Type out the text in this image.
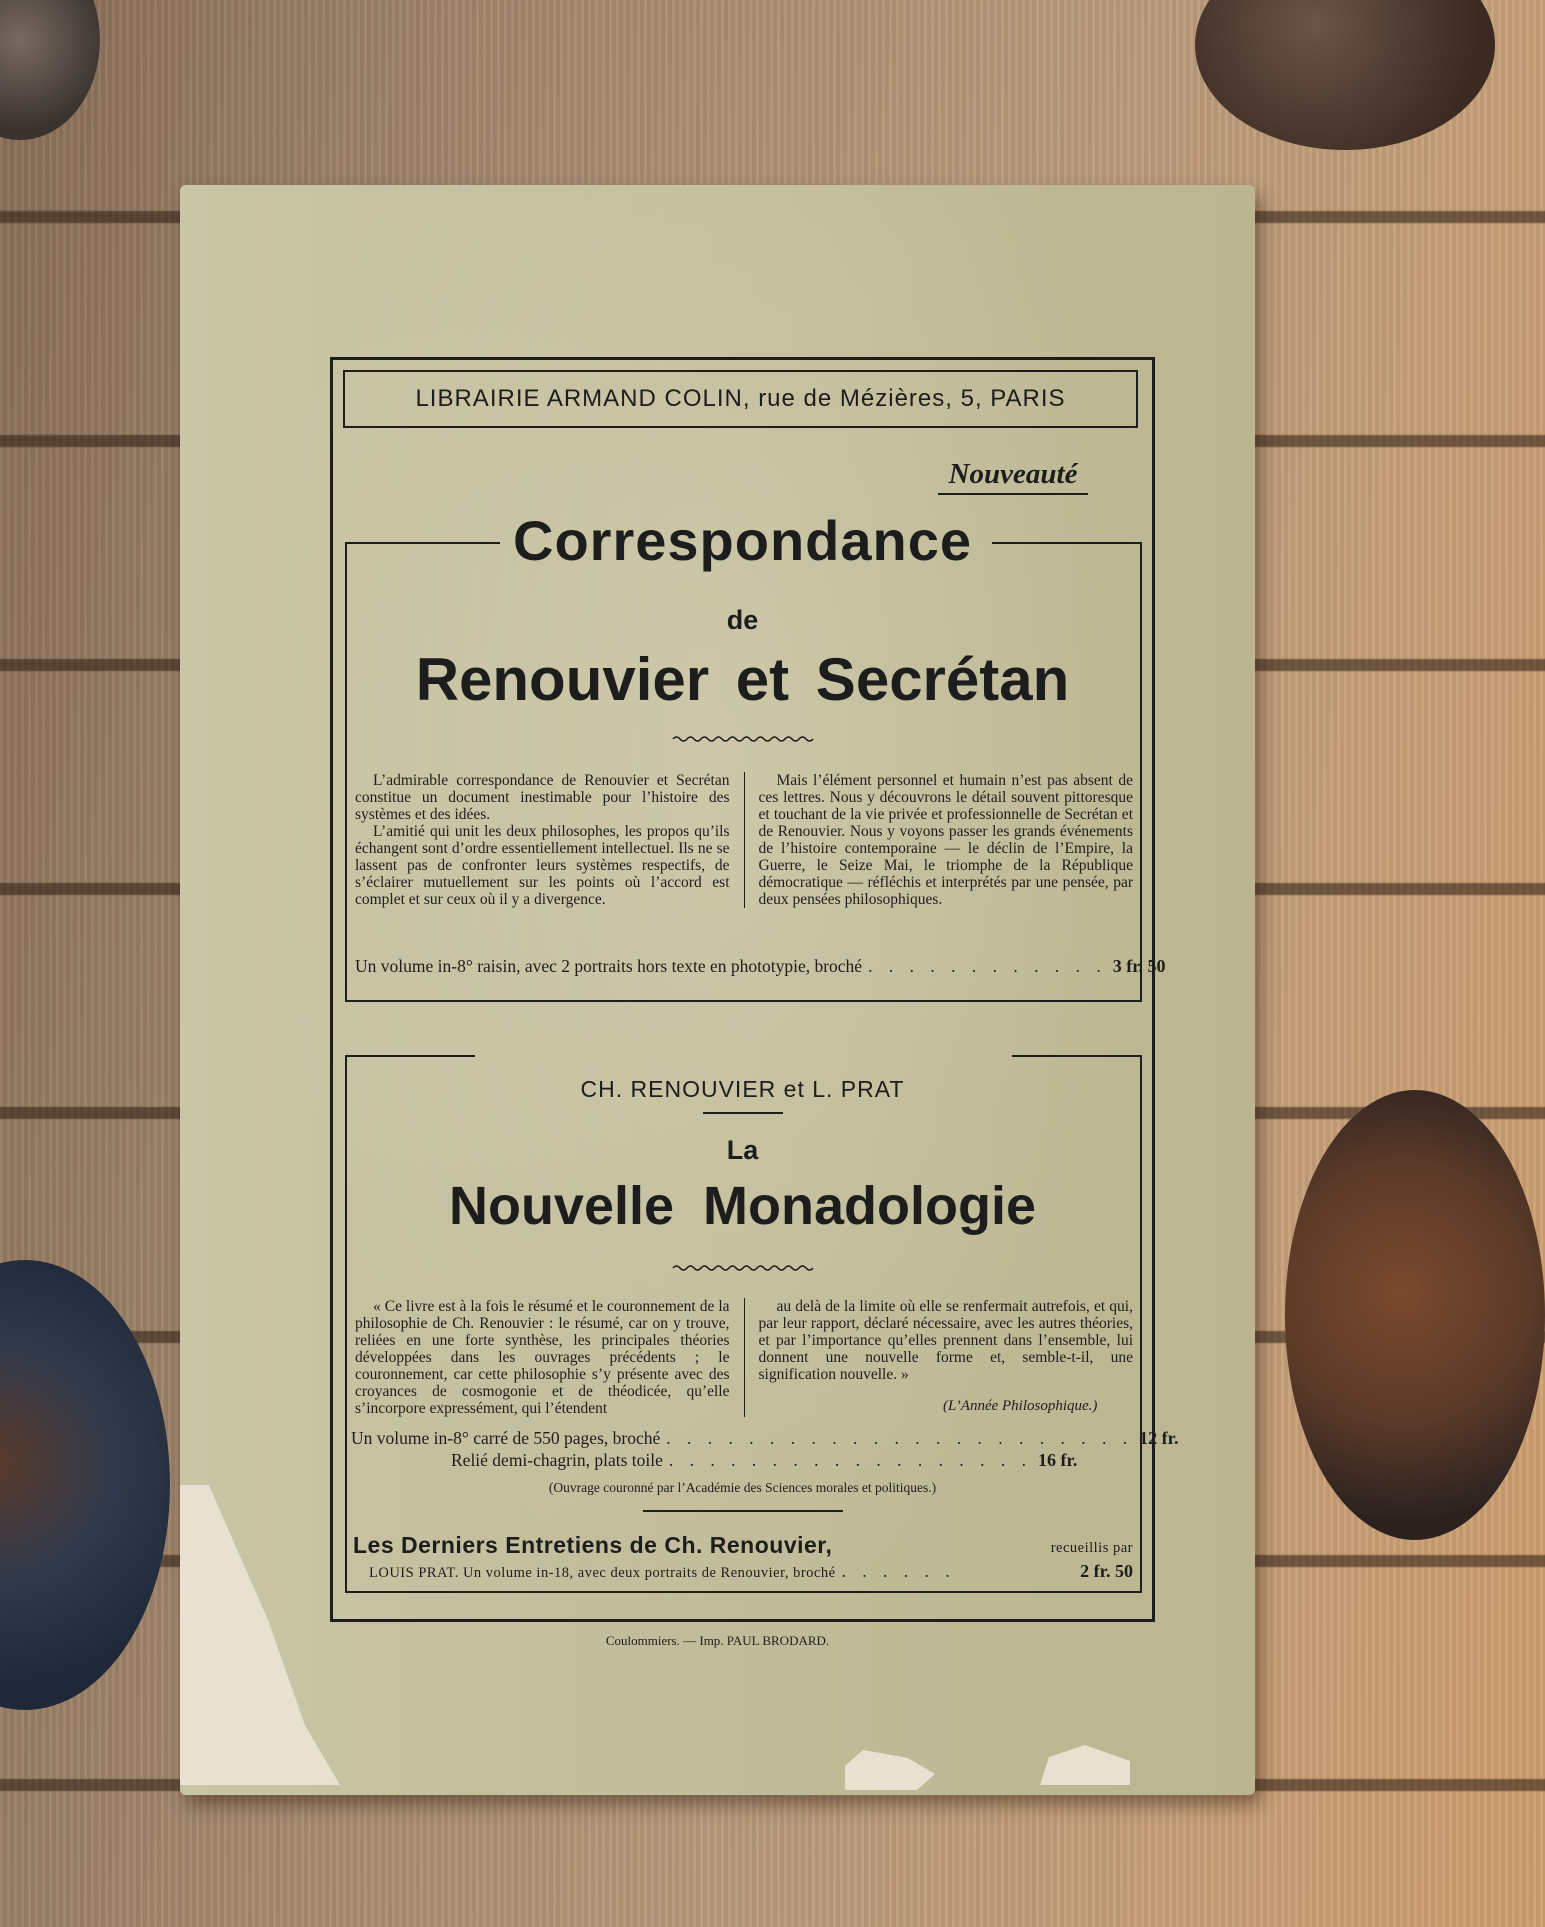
LIBRAIRIE ARMAND COLIN, rue de Mézières, 5, PARIS
Nouveauté
Correspondance
de
Renouvier et Secrétan

L’admirable correspondance de Renouvier et Secrétan constitue un document inestimable pour l’histoire des systèmes et des idées.

L’amitié qui unit les deux philosophes, les propos qu’ils échangent sont d’ordre essentiellement intellectuel. Ils ne se lassent pas de confronter leurs systèmes respectifs, de s’éclairer mutuellement sur les points où l’accord est complet et sur ceux où il y a divergence.

Mais l’élément personnel et humain n’est pas absent de ces lettres. Nous y découvrons le détail souvent pittoresque et touchant de la vie privée et professionnelle de Secrétan et de Renouvier. Nous y voyons passer les grands événements de l’histoire contemporaine — le déclin de l’Empire, la Guerre, le Seize Mai, le triomphe de la République démocratique — réfléchis et interprétés par une pensée, par deux pensées philosophiques.

Un volume in-8° raisin, avec 2 portraits hors texte en phototypie, broché . . . . . . . . . . . . 3 fr. 50
CH. RENOUVIER et L. PRAT
La
Nouvelle Monadologie

« Ce livre est à la fois le résumé et le couronnement de la philosophie de Ch. Renouvier : le résumé, car on y trouve, reliées en une forte synthèse, les principales théories développées dans les ouvrages précédents ; le couronnement, car cette philosophie s’y présente avec des croyances de cosmogonie et de théodicée, qu’elle s’incorpore expressément, qui l’étendent

au delà de la limite où elle se renfermait autrefois, et qui, par leur rapport, déclaré nécessaire, avec les autres théories, et par l’importance qu’elles prennent dans l’ensemble, lui donnent une nouvelle forme et, semble-t-il, une signification nouvelle. »

(L’Année Philosophique.)
Un volume in-8° carré de 550 pages, broché . . . . . . . . . . . . . . . . . . . . . . . 12 fr.
Relié demi-chagrin, plats toile . . . . . . . . . . . . . . . . . . 16 fr.
(Ouvrage couronné par l’Académie des Sciences morales et politiques.)
Les Derniers Entretiens de Ch. Renouvier,	recueillis par
LOUIS PRAT. Un volume in-18, avec deux portraits de Renouvier, broché . . . . . .	2 fr. 50
Coulommiers. — Imp. PAUL BRODARD.
